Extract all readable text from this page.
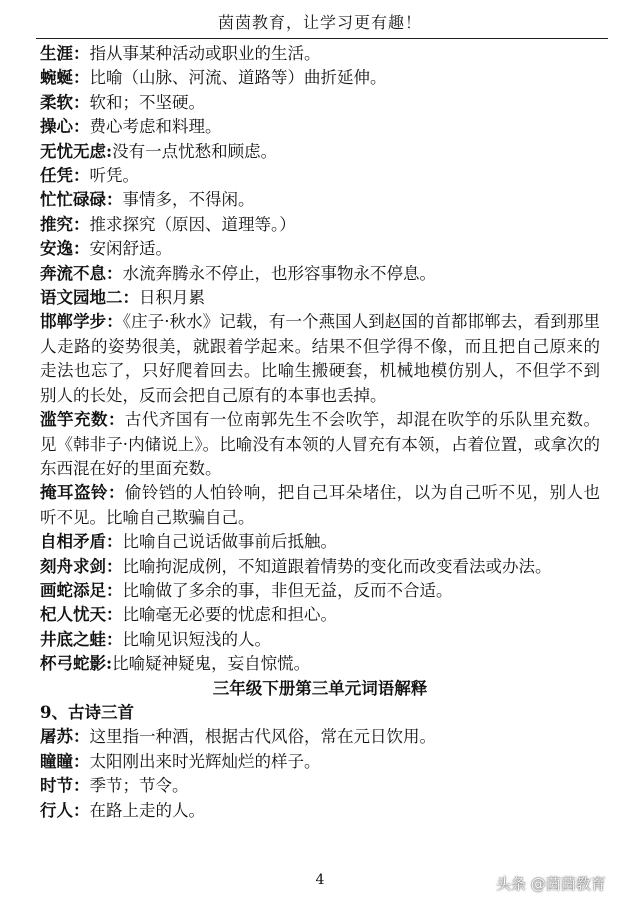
茵茵教育，让学习更有趣！

生涯：指从事某种活动或职业的生活。

蜿蜒：比喻（山脉、河流、道路等）曲折延伸。

柔软：软和；不坚硬。

操心：费心考虑和料理。

无忧无虑:没有一点忧愁和顾虑。

任凭：听凭。

忙忙碌碌：事情多，不得闲。

推究：推求探究（原因、道理等。）

安逸：安闲舒适。

奔流不息：水流奔腾永不停止，也形容事物永不停息。

语文园地二：日积月累

邯郸学步：《庄子·秋水》记载，有一个燕国人到赵国的首都邯郸去，看到那里人走路的姿势很美，就跟着学起来。结果不但学得不像，而且把自己原来的走法也忘了，只好爬着回去。比喻生搬硬套，机械地模仿别人，不但学不到别人的长处，反而会把自己原有的本事也丢掉。

滥竽充数：古代齐国有一位南郭先生不会吹竽，却混在吹竽的乐队里充数。见《韩非子·内储说上》。比喻没有本领的人冒充有本领，占着位置，或拿次的东西混在好的里面充数。

掩耳盗铃：偷铃铛的人怕铃响，把自己耳朵堵住，以为自己听不见，别人也听不见。比喻自己欺骗自己。

自相矛盾：比喻自己说话做事前后抵触。

刻舟求剑：比喻拘泥成例，不知道跟着情势的变化而改变看法或办法。

画蛇添足：比喻做了多余的事，非但无益，反而不合适。

杞人忧天：比喻毫无必要的忧虑和担心。

井底之蛙：比喻见识短浅的人。

杯弓蛇影:比喻疑神疑鬼，妄自惊慌。

三年级下册第三单元词语解释

9、古诗三首

屠苏：这里指一种酒，根据古代风俗，常在元日饮用。

瞳瞳：太阳刚出来时光辉灿烂的样子。

时节：季节；节令。

行人：在路上走的人。

4	头条 @茵茵教育
